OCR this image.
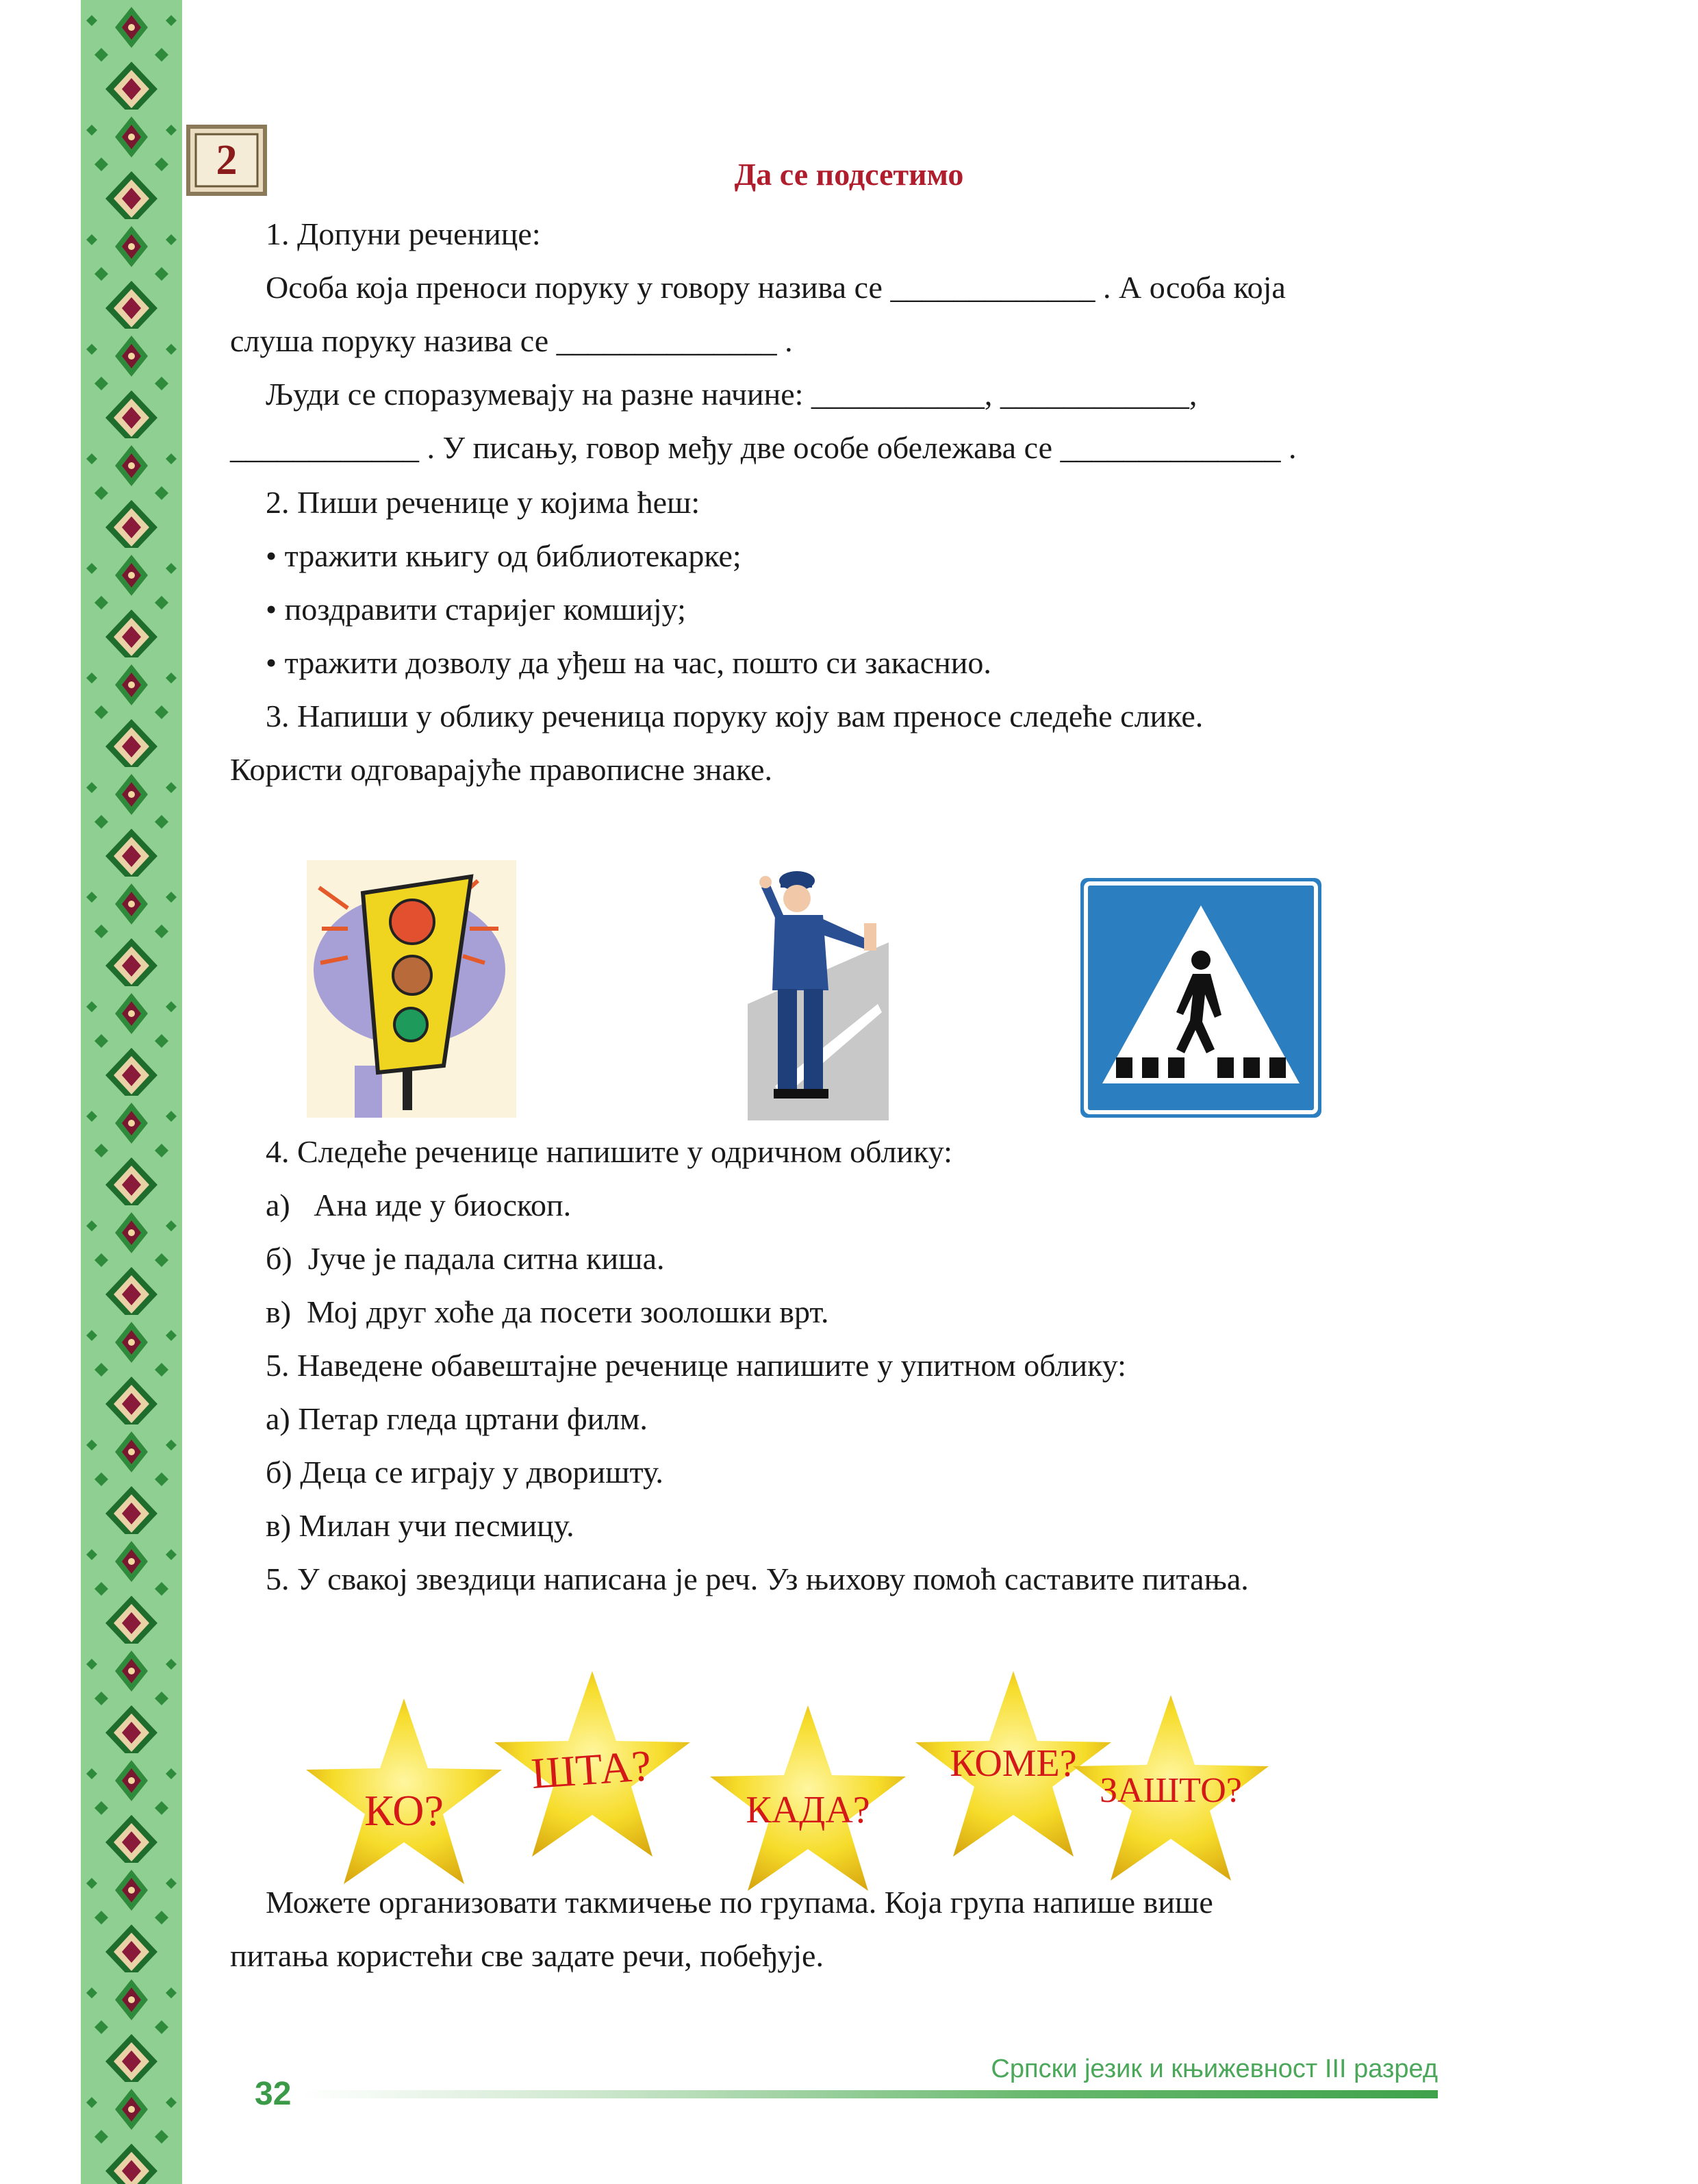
2	Да се подсетимо
1. Допуни реченице:
Особа која преноси поруку у говору назива се _____________ . А особа која
слуша поруку назива се ______________ .
Људи се споразумевају на разне начине: ___________, ____________,
____________ . У писању, говор међу две особе обележава се ______________ .
2. Пиши реченице у којима ћеш:
• тражити књигу од библиотекарке;
• поздравити старијег комшију;
• тражити дозволу да уђеш на час, пошто си закаснио.
3. Напиши у облику реченица поруку коју вам преносе следеће слике.
Користи одговарајуће правописне знаке.
4. Следеће реченице напишите у одричном облику:
а)   Ана иде у биоскоп.
б)  Јуче је падала ситна киша.
в)  Мој друг хоће да посети зоолошки врт.
5. Наведене обавештајне реченице напишите у упитном облику:
а) Петар гледа цртани филм.
б) Деца се играју у дворишту.
в) Милан учи песмицу.
5. У свакој звездици написана је реч. Уз њихову помоћ саставите питања.
КО?
ШТА?
КАДА?
КОМЕ?
ЗАШТО?
Можете организовати такмичење по групама. Која група напише више
питања користећи све задате речи, побеђује.
Српски језик и књижевност III разред
32
